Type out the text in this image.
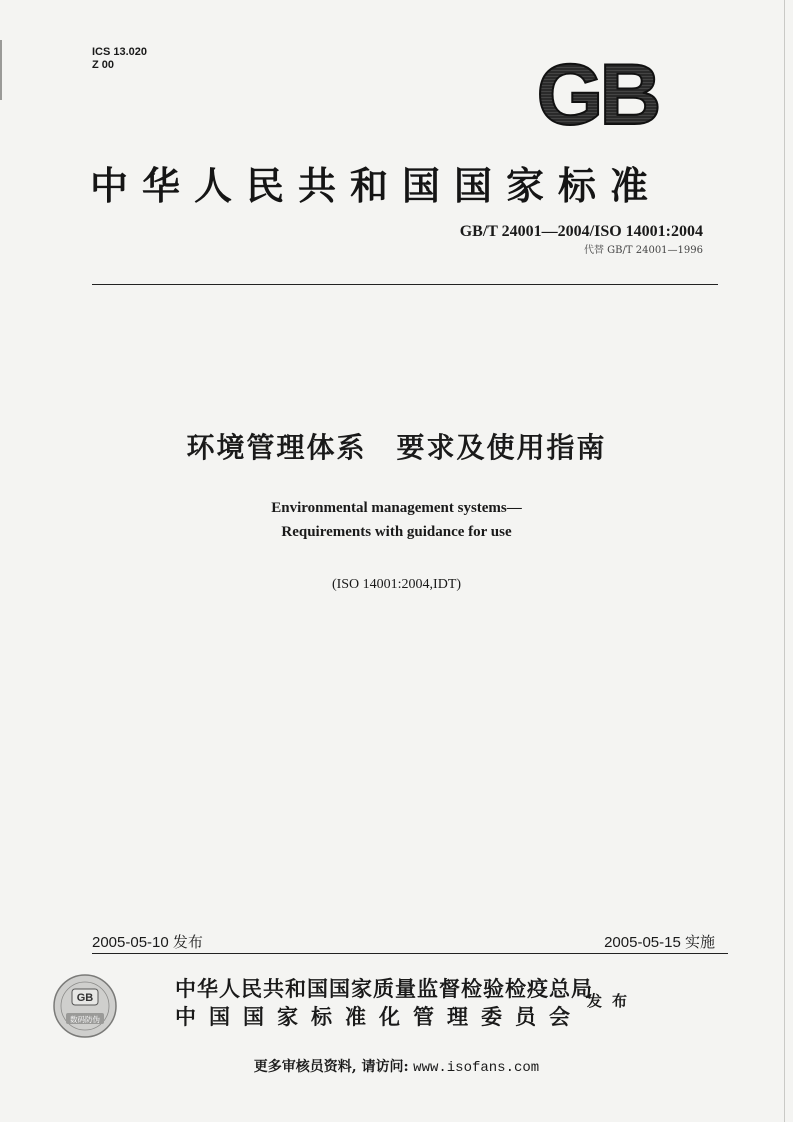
ICS 13.020
Z 00	GB
中华人民共和国国家标准
GB/T 24001—2004/ISO 14001:2004
代替 GB/T 24001—1996
环境管理体系　要求及使用指南
Environmental management systems—
Requirements with guidance for use
(ISO 14001:2004,IDT)
2005-05-10 发布	2005-05-15 实施
GB
数码防伪
中华人民共和国国家质量监督检验检疫总局
中国国家标准化管理委员会
发布
更多审核员资料, 请访问: www.isofans.com
